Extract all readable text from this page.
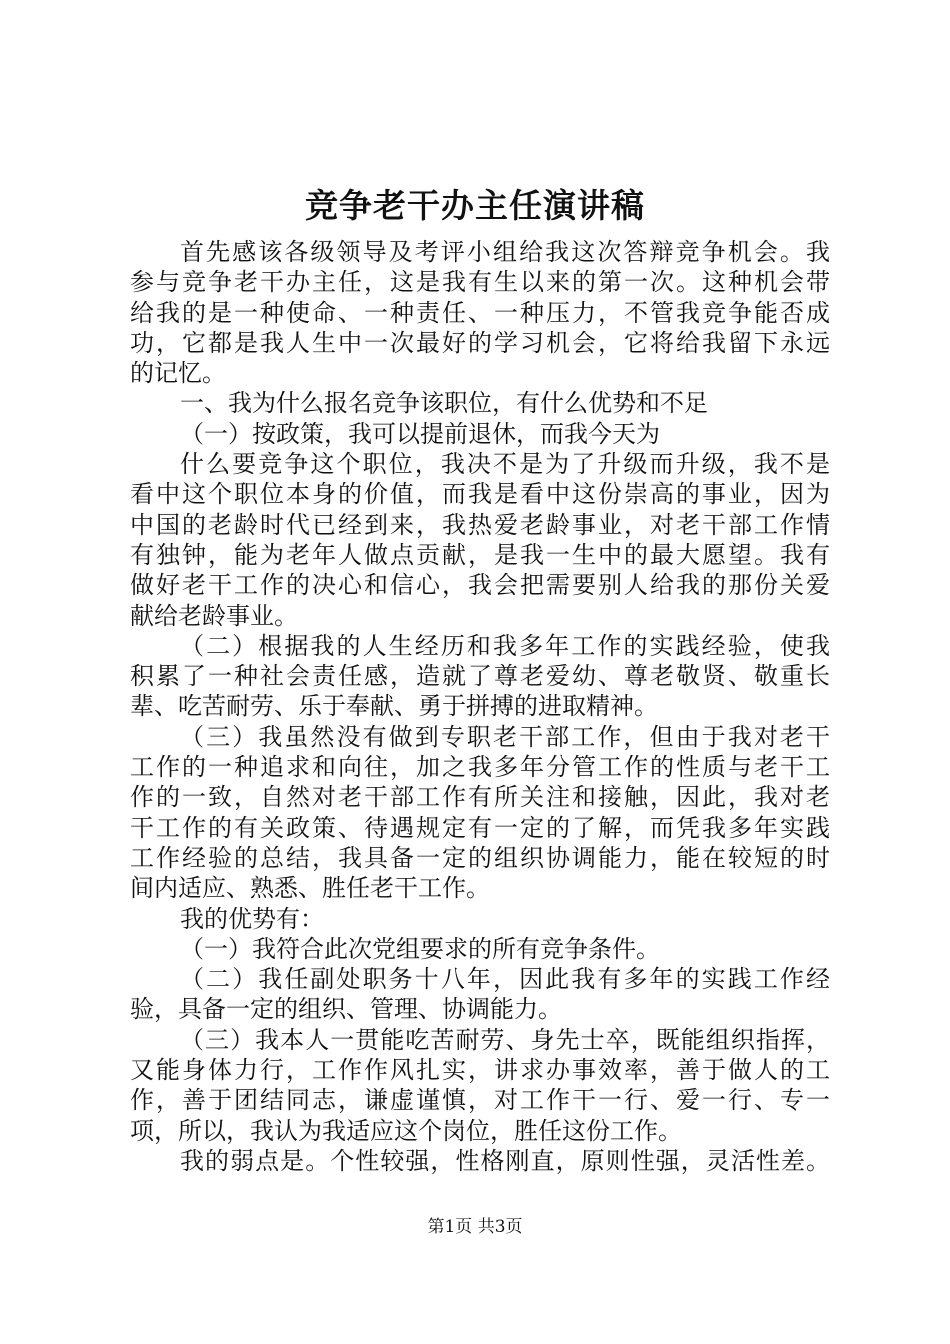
竞争老干办主任演讲稿
首先感该各级领导及考评小组给我这次答辩竞争机会。我
参与竞争老干办主任，这是我有生以来的第一次。这种机会带
给我的是一种使命、一种责任、一种压力，不管我竞争能否成
功，它都是我人生中一次最好的学习机会，它将给我留下永远
的记忆。
一、我为什么报名竞争该职位，有什么优势和不足
（一）按政策，我可以提前退休，而我今天为
什么要竞争这个职位，我决不是为了升级而升级，我不是
看中这个职位本身的价值，而我是看中这份崇高的事业，因为
中国的老龄时代已经到来，我热爱老龄事业，对老干部工作情
有独钟，能为老年人做点贡献，是我一生中的最大愿望。我有
做好老干工作的决心和信心，我会把需要别人给我的那份关爱
献给老龄事业。
（二）根据我的人生经历和我多年工作的实践经验，使我
积累了一种社会责任感，造就了尊老爱幼、尊老敬贤、敬重长
辈、吃苦耐劳、乐于奉献、勇于拼搏的进取精神。
（三）我虽然没有做到专职老干部工作，但由于我对老干
工作的一种追求和向往，加之我多年分管工作的性质与老干工
作的一致，自然对老干部工作有所关注和接触，因此，我对老
干工作的有关政策、待遇规定有一定的了解，而凭我多年实践
工作经验的总结，我具备一定的组织协调能力，能在较短的时
间内适应、熟悉、胜任老干工作。
我的优势有：
（一）我符合此次党组要求的所有竞争条件。
（二）我任副处职务十八年，因此我有多年的实践工作经
验，具备一定的组织、管理、协调能力。
（三）我本人一贯能吃苦耐劳、身先士卒，既能组织指挥，
又能身体力行，工作作风扎实，讲求办事效率，善于做人的工
作，善于团结同志，谦虚谨慎，对工作干一行、爱一行、专一
项，所以，我认为我适应这个岗位，胜任这份工作。
我的弱点是。个性较强，性格刚直，原则性强，灵活性差。
第1页 共3页
